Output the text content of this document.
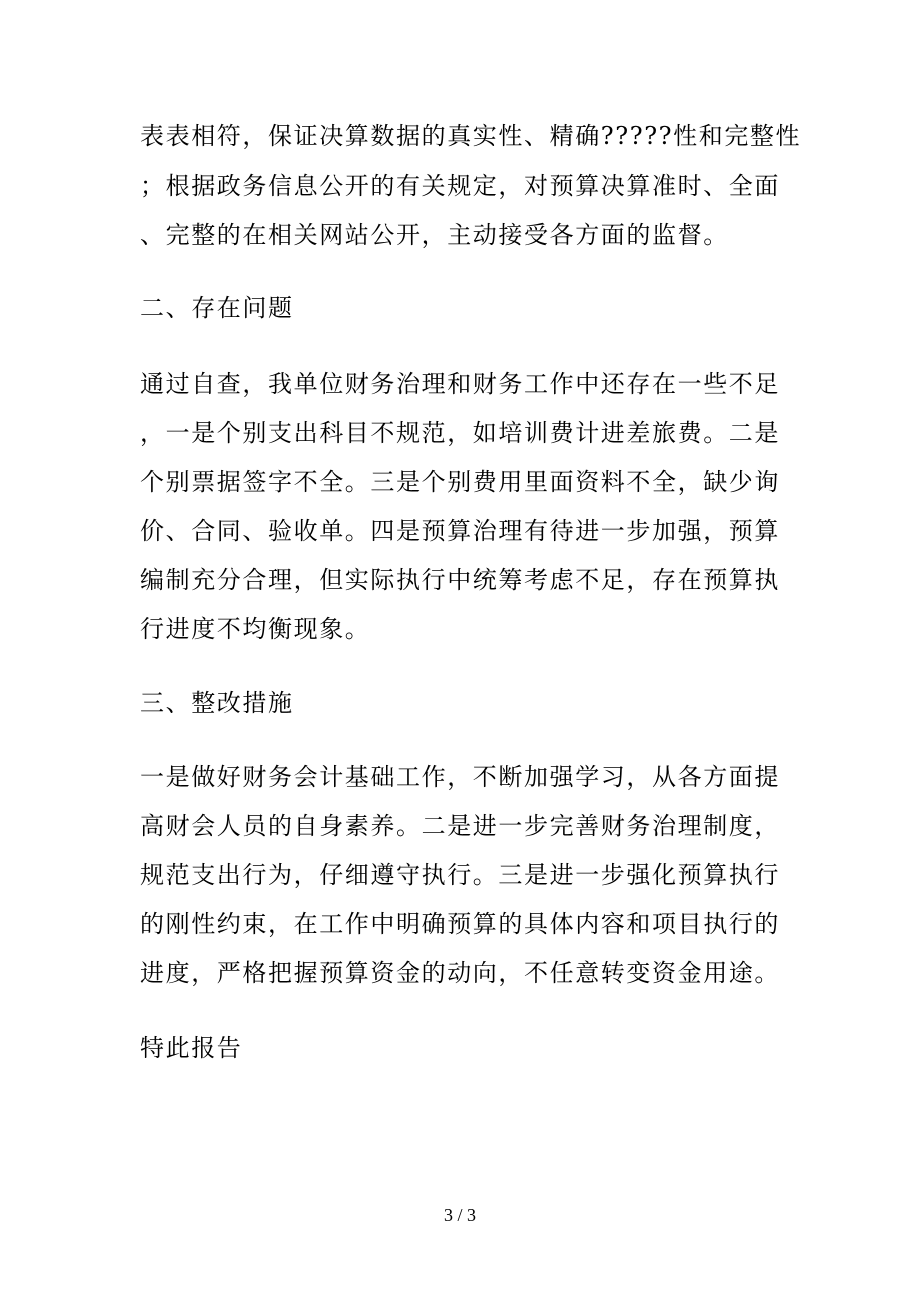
表表相符，保证决算数据的真实性、精确?????性和完整性
；根据政务信息公开的有关规定，对预算决算准时、全面
、完整的在相关网站公开，主动接受各方面的监督。
二、存在问题
通过自查，我单位财务治理和财务工作中还存在一些不足
，一是个别支出科目不规范，如培训费计进差旅费。二是
个别票据签字不全。三是个别费用里面资料不全，缺少询
价、合同、验收单。四是预算治理有待进一步加强，预算
编制充分合理，但实际执行中统筹考虑不足，存在预算执
行进度不均衡现象。
三、整改措施
一是做好财务会计基础工作，不断加强学习，从各方面提
高财会人员的自身素养。二是进一步完善财务治理制度，
规范支出行为，仔细遵守执行。三是进一步强化预算执行
的刚性约束，在工作中明确预算的具体内容和项目执行的
进度，严格把握预算资金的动向，不任意转变资金用途。
特此报告
3 / 3
